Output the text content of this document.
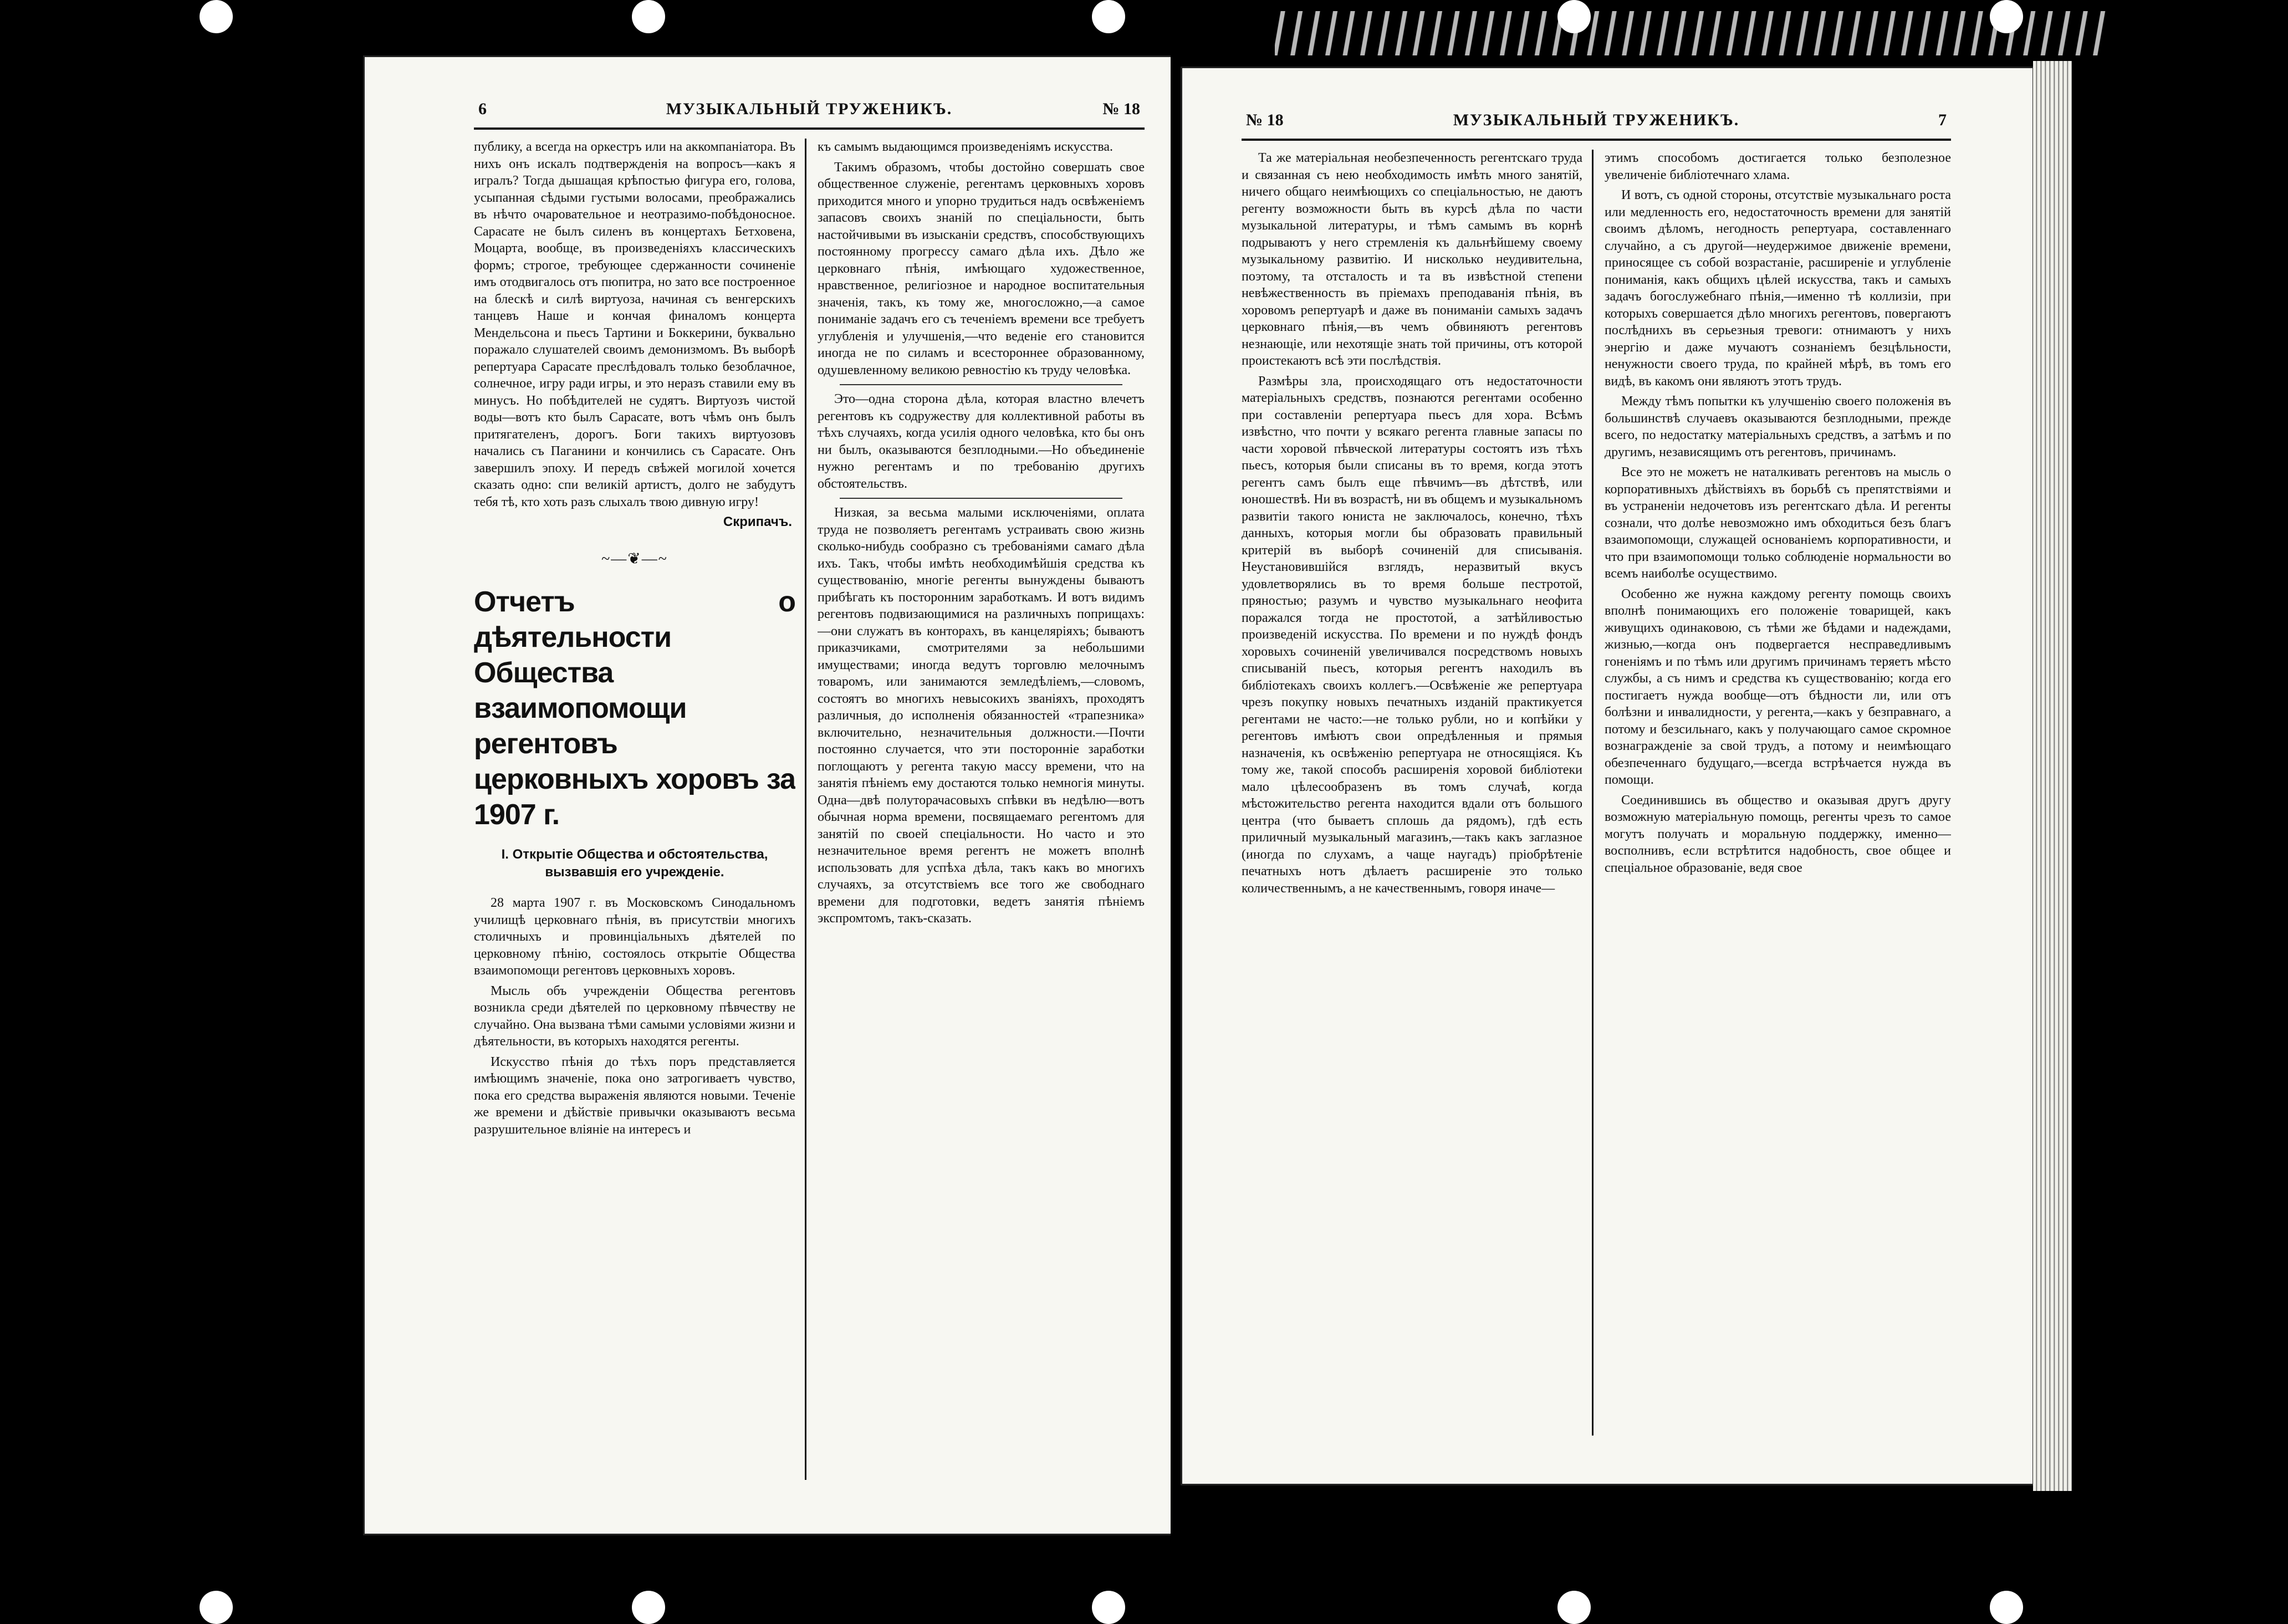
6	МУЗЫКАЛЬНЫЙ ТРУЖЕНИКЪ.	№ 18

публику, а всегда на оркестръ или на аккомпаніатора. Въ нихъ онъ искалъ подтвержденія на вопросъ—какъ я игралъ? Тогда дышащая крѣпостью фигура его, голова, усыпанная сѣдыми густыми волосами, преображались въ нѣчто очаровательное и неотразимо-побѣдоносное. Сарасате не былъ силенъ въ концертахъ Бетховена, Моцарта, вообще, въ произведеніяхъ классическихъ формъ; строгое, требующее сдержанности сочиненіе имъ отодвигалось отъ пюпитра, но зато все построенное на блескѣ и силѣ виртуоза, начиная съ венгерскихъ танцевъ Наше и кончая финаломъ концерта Мендельсона и пьесъ Тартини и Боккерини, буквально поражало слушателей своимъ демонизмомъ. Въ выборѣ репертуара Сарасате преслѣдовалъ только безоблачное, солнечное, игру ради игры, и это неразъ ставили ему въ минусъ. Но побѣдителей не судятъ. Виртуозъ чистой воды—вотъ кто былъ Сарасате, вотъ чѣмъ онъ былъ притягателенъ, дорогъ. Боги такихъ виртуозовъ начались съ Паганини и кончились съ Сарасате. Онъ завершилъ эпоху. И передъ свѣжей могилой хочется сказать одно: спи великій артистъ, долго не забудутъ тебя тѣ, кто хоть разъ слыхалъ твою дивную игру!

Скрипачъ.
~—❦—~
Отчетъ о дѣятельности Общества взаимопомощи регентовъ церковныхъ хоровъ за 1907 г.
I. Открытіе Общества и обстоятельства, вызвавшія его учрежденіе.

28 марта 1907 г. въ Московскомъ Синодальномъ училищѣ церковнаго пѣнія, въ присутствіи многихъ столичныхъ и провинціальныхъ дѣятелей по церковному пѣнію, состоялось открытіе Общества взаимопомощи регентовъ церковныхъ хоровъ.

Мысль объ учрежденіи Общества регентовъ возникла среди дѣятелей по церковному пѣвчеству не случайно. Она вызвана тѣми самыми условіями жизни и дѣятельности, въ которыхъ находятся регенты.

Искусство пѣнія до тѣхъ поръ представляется имѣющимъ значеніе, пока оно затрогиваетъ чувство, пока его средства выраженія являются новыми. Теченіе же времени и дѣйствіе привычки оказываютъ весьма разрушительное вліяніе на интересъ и

къ самымъ выдающимся произведеніямъ искусства.

Такимъ образомъ, чтобы достойно совершать свое общественное служеніе, регентамъ церковныхъ хоровъ приходится много и упорно трудиться надъ освѣженіемъ запасовъ своихъ знаній по спеціальности, быть настойчивыми въ изысканіи средствъ, способствующихъ постоянному прогрессу самаго дѣла ихъ. Дѣло же церковнаго пѣнія, имѣющаго художественное, нравственное, религіозное и народное воспитательныя значенія, такъ, къ тому же, многосложно,—а самое пониманіе задачъ его съ теченіемъ времени все требуетъ углубленія и улучшенія,—что веденіе его становится иногда не по силамъ и всестороннее образованному, одушевленному великою ревностію къ труду человѣка.

Это—одна сторона дѣла, которая властно влечетъ регентовъ къ содружеству для коллективной работы въ тѣхъ случаяхъ, когда усилія одного человѣка, кто бы онъ ни былъ, оказываются безплодными.—Но объединеніе нужно регентамъ и по требованію другихъ обстоятельствъ.

Низкая, за весьма малыми исключеніями, оплата труда не позволяетъ регентамъ устраивать свою жизнь сколько-нибудь сообразно съ требованіями самаго дѣла ихъ. Такъ, чтобы имѣть необходимѣйшія средства къ существованію, многіе регенты вынуждены бываютъ прибѣгать къ посторонним заработкамъ. И вотъ видимъ регентовъ подвизающимися на различныхъ поприщахъ:—они служатъ въ конторахъ, въ канцеляріяхъ; бываютъ приказчиками, смотрителями за небольшими имуществами; иногда ведутъ торговлю мелочнымъ товаромъ, или занимаются земледѣліемъ,—словомъ, состоятъ во многихъ невысокихъ званіяхъ, проходятъ различныя, до исполненія обязанностей «трапезника» включительно, незначительныя должности.—Почти постоянно случается, что эти посторонніе заработки поглощаютъ у регента такую массу времени, что на занятія пѣніемъ ему достаются только немногія минуты. Одна—двѣ полуторачасовыхъ спѣвки въ недѣлю—вотъ обычная норма времени, посвящаемаго регентомъ для занятій по своей спеціальности. Но часто и это незначительное время регентъ не можетъ вполнѣ использовать для успѣха дѣла, такъ какъ во многихъ случаяхъ, за отсутствіемъ все того же свободнаго времени для подготовки, ведетъ занятія пѣніемъ экспромтомъ, такъ-сказать.

№ 18	МУЗЫКАЛЬНЫЙ ТРУЖЕНИКЪ.	7

Та же матеріальная необезпеченность регентскаго труда и связанная съ нею необходимость имѣть много занятій, ничего общаго неимѣющихъ со спеціальностью, не даютъ регенту возможности быть въ курсѣ дѣла по части музыкальной литературы, и тѣмъ самымъ въ корнѣ подрываютъ у него стремленія къ дальнѣйшему своему музыкальному развитію. И нисколько неудивительна, поэтому, та отсталость и та въ извѣстной степени невѣжественность въ пріемахъ преподаванія пѣнія, въ хоровомъ репертуарѣ и даже въ пониманіи самыхъ задачъ церковнаго пѣнія,—въ чемъ обвиняютъ регентовъ незнающіе, или нехотящіе знать той причины, отъ которой проистекаютъ всѣ эти послѣдствія.

Размѣры зла, происходящаго отъ недостаточности матеріальныхъ средствъ, познаются регентами особенно при составленіи репертуара пьесъ для хора. Всѣмъ извѣстно, что почти у всякаго регента главные запасы по части хоровой пѣвческой литературы состоятъ изъ тѣхъ пьесъ, которыя были списаны въ то время, когда этотъ регентъ самъ былъ еще пѣвчимъ—въ дѣтствѣ, или юношествѣ. Ни въ возрастѣ, ни въ общемъ и музыкальномъ развитіи такого юниста не заключалось, конечно, тѣхъ данныхъ, которыя могли бы образовать правильный критерій въ выборѣ сочиненій для списыванія. Неустановившійся взглядъ, неразвитый вкусъ удовлетворялись въ то время больше пестротой, пряностью; разумъ и чувство музыкальнаго неофита поражался тогда не простотой, а затѣйливостью произведеній искусства. По времени и по нуждѣ фондъ хоровыхъ сочиненій увеличивался посредствомъ новыхъ списываній пьесъ, которыя регентъ находилъ въ библіотекахъ своихъ коллегъ.—Освѣженіе же репертуара чрезъ покупку новыхъ печатныхъ изданій практикуется регентами не часто:—не только рубли, но и копѣйки у регентовъ имѣютъ свои опредѣленныя и прямыя назначенія, къ освѣженію репертуара не относящіяся. Къ тому же, такой способъ расширенія хоровой библіотеки мало цѣлесообразенъ въ томъ случаѣ, когда мѣстожительство регента находится вдали отъ большого центра (что бываетъ сплошь да рядомъ), гдѣ есть приличный музыкальный магазинъ,—такъ какъ заглазное (иногда по слухамъ, а чаще наугадъ) пріобрѣтеніе печатныхъ нотъ дѣлаетъ расширеніе это только количественнымъ, а не качественнымъ, говоря иначе—

этимъ способомъ достигается только безполезное увеличеніе библіотечнаго хлама.

И вотъ, съ одной стороны, отсутствіе музыкальнаго роста или медленность его, недостаточность времени для занятій своимъ дѣломъ, негодность репертуара, составленнаго случайно, а съ другой—неудержимое движеніе времени, приносящее съ собой возрастаніе, расширеніе и углубленіе пониманія, какъ общихъ цѣлей искусства, такъ и самыхъ задачъ богослужебнаго пѣнія,—именно тѣ коллизіи, при которыхъ совершается дѣло многихъ регентовъ, повергаютъ послѣднихъ въ серьезныя тревоги: отнимаютъ у нихъ энергію и даже мучаютъ сознаніемъ безцѣльности, ненужности своего труда, по крайней мѣрѣ, въ томъ его видѣ, въ какомъ они являютъ этотъ трудъ.

Между тѣмъ попытки къ улучшенію своего положенія въ большинствѣ случаевъ оказываются безплодными, прежде всего, по недостатку матеріальныхъ средствъ, а затѣмъ и по другимъ, независящимъ отъ регентовъ, причинамъ.

Все это не можетъ не наталкивать регентовъ на мысль о корпоративныхъ дѣйствіяхъ въ борьбѣ съ препятствіями и въ устраненіи недочетовъ изъ регентскаго дѣла. И регенты сознали, что долѣе невозможно имъ обходиться безъ благъ взаимопомощи, служащей основаніемъ корпоративности, и что при взаимопомощи только соблюденіе нормальности во всемъ наиболѣе осуществимо.

Особенно же нужна каждому регенту помощь своихъ вполнѣ понимающихъ его положеніе товарищей, какъ живущихъ одинаковою, съ тѣми же бѣдами и надеждами, жизнью,—когда онъ подвергается несправедливымъ гоненіямъ и по тѣмъ или другимъ причинамъ теряетъ мѣсто службы, а съ нимъ и средства къ существованію; когда его постигаетъ нужда вообще—отъ бѣдности ли, или отъ болѣзни и инвалидности, у регента,—какъ у безправнаго, а потому и безсильнаго, какъ у получающаго самое скромное вознагражденіе за свой трудъ, а потому и неимѣющаго обезпеченнаго будущаго,—всегда встрѣчается нужда въ помощи.

Соединившись въ общество и оказывая другъ другу возможную матеріальную помощь, регенты чрезъ то самое могутъ получать и моральную поддержку, именно—восполнивъ, если встрѣтится надобность, свое общее и спеціальное образованіе, ведя свое
